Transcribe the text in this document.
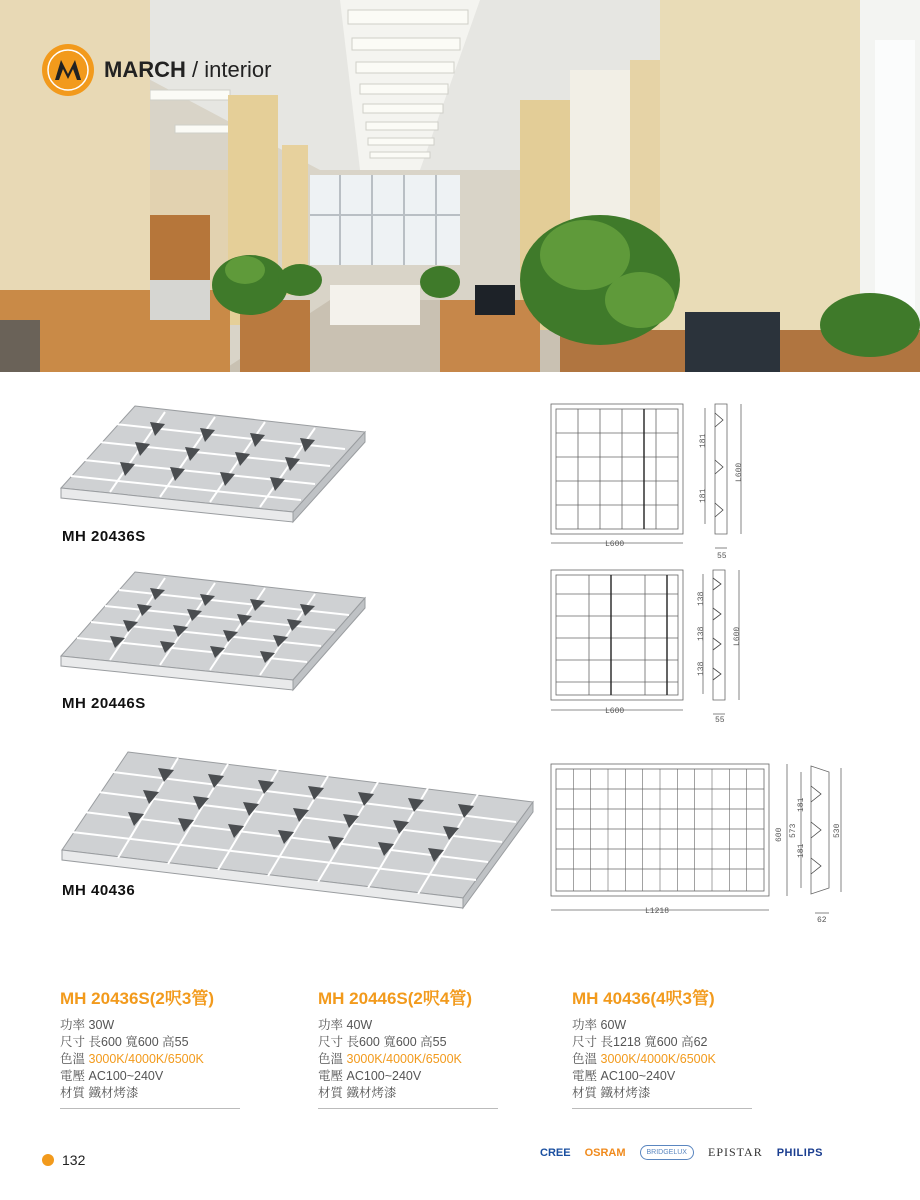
MARCH / interior
MH 20436S
MH 20446S
MH 40436
L600
55
181
181
L600
L600
55
138
138
138
L600
L1218
62
600 573
181
181
530
MH 20436S(2呎3管)
功率 30W
尺寸 長600 寬600 高55
色溫 3000K/4000K/6500K
電壓 AC100~240V
材質 鐵材烤漆
MH 20446S(2呎4管)
功率 40W
尺寸 長600 寬600 高55
色溫 3000K/4000K/6500K
電壓 AC100~240V
材質 鐵材烤漆
MH 40436(4呎3管)
功率 60W
尺寸 長1218 寬600 高62
色溫 3000K/4000K/6500K
電壓 AC100~240V
材質 鐵材烤漆
132	CREE OSRAM	BRIDGELUX	EPISTAR PHILIPS
